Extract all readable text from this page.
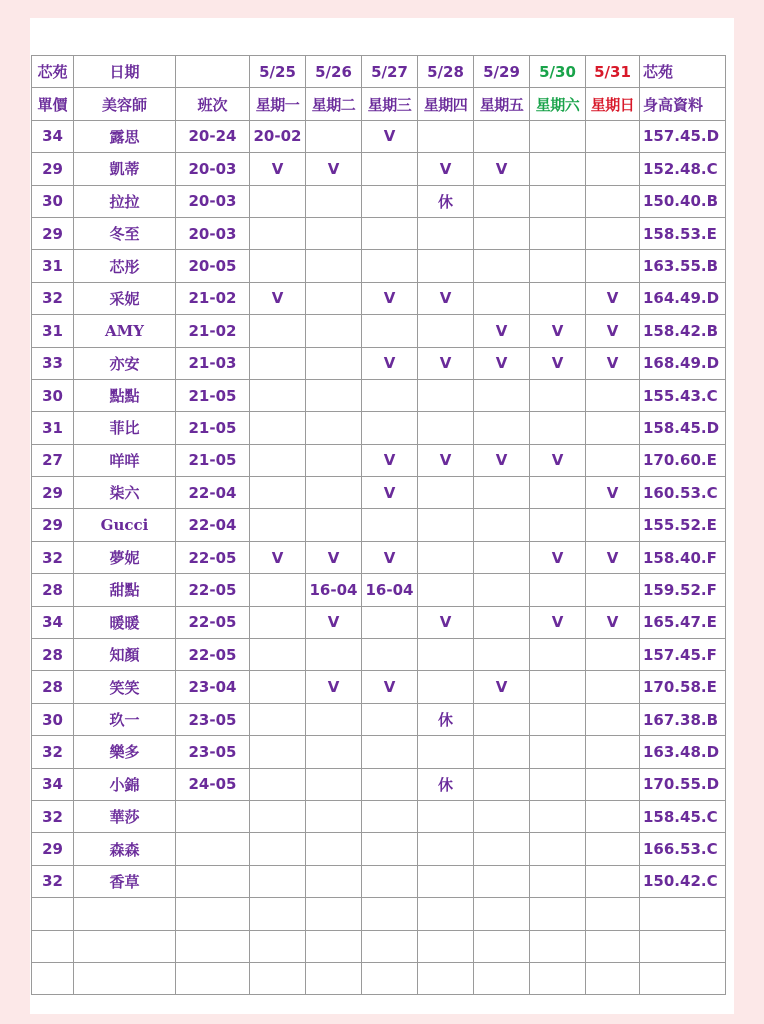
芯苑	日期		5/25	5/26	5/27	5/28	5/29	5/30	5/31	芯苑
單價	美容師	班次	星期一	星期二	星期三	星期四	星期五	星期六	星期日	身高資料
34	露思	20-24	20-02		V					157.45.D
29	凱蒂	20-03	V	V		V	V			152.48.C
30	拉拉	20-03				休				150.40.B
29	冬至	20-03								158.53.E
31	芯彤	20-05								163.55.B
32	采妮	21-02	V		V	V			V	164.49.D
31	AMY	21-02					V	V	V	158.42.B
33	亦安	21-03			V	V	V	V	V	168.49.D
30	點點	21-05								155.43.C
31	菲比	21-05								158.45.D
27	咩咩	21-05			V	V	V	V		170.60.E
29	柒六	22-04			V				V	160.53.C
29	Gucci	22-04								155.52.E
32	夢妮	22-05	V	V	V			V	V	158.40.F
28	甜點	22-05		16-04	16-04					159.52.F
34	暖暖	22-05		V		V		V	V	165.47.E
28	知顏	22-05								157.45.F
28	笑笑	23-04		V	V		V			170.58.E
30	玖一	23-05				休				167.38.B
32	樂多	23-05								163.48.D
34	小錦	24-05				休				170.55.D
32	華莎									158.45.C
29	森森									166.53.C
32	香草									150.42.C
